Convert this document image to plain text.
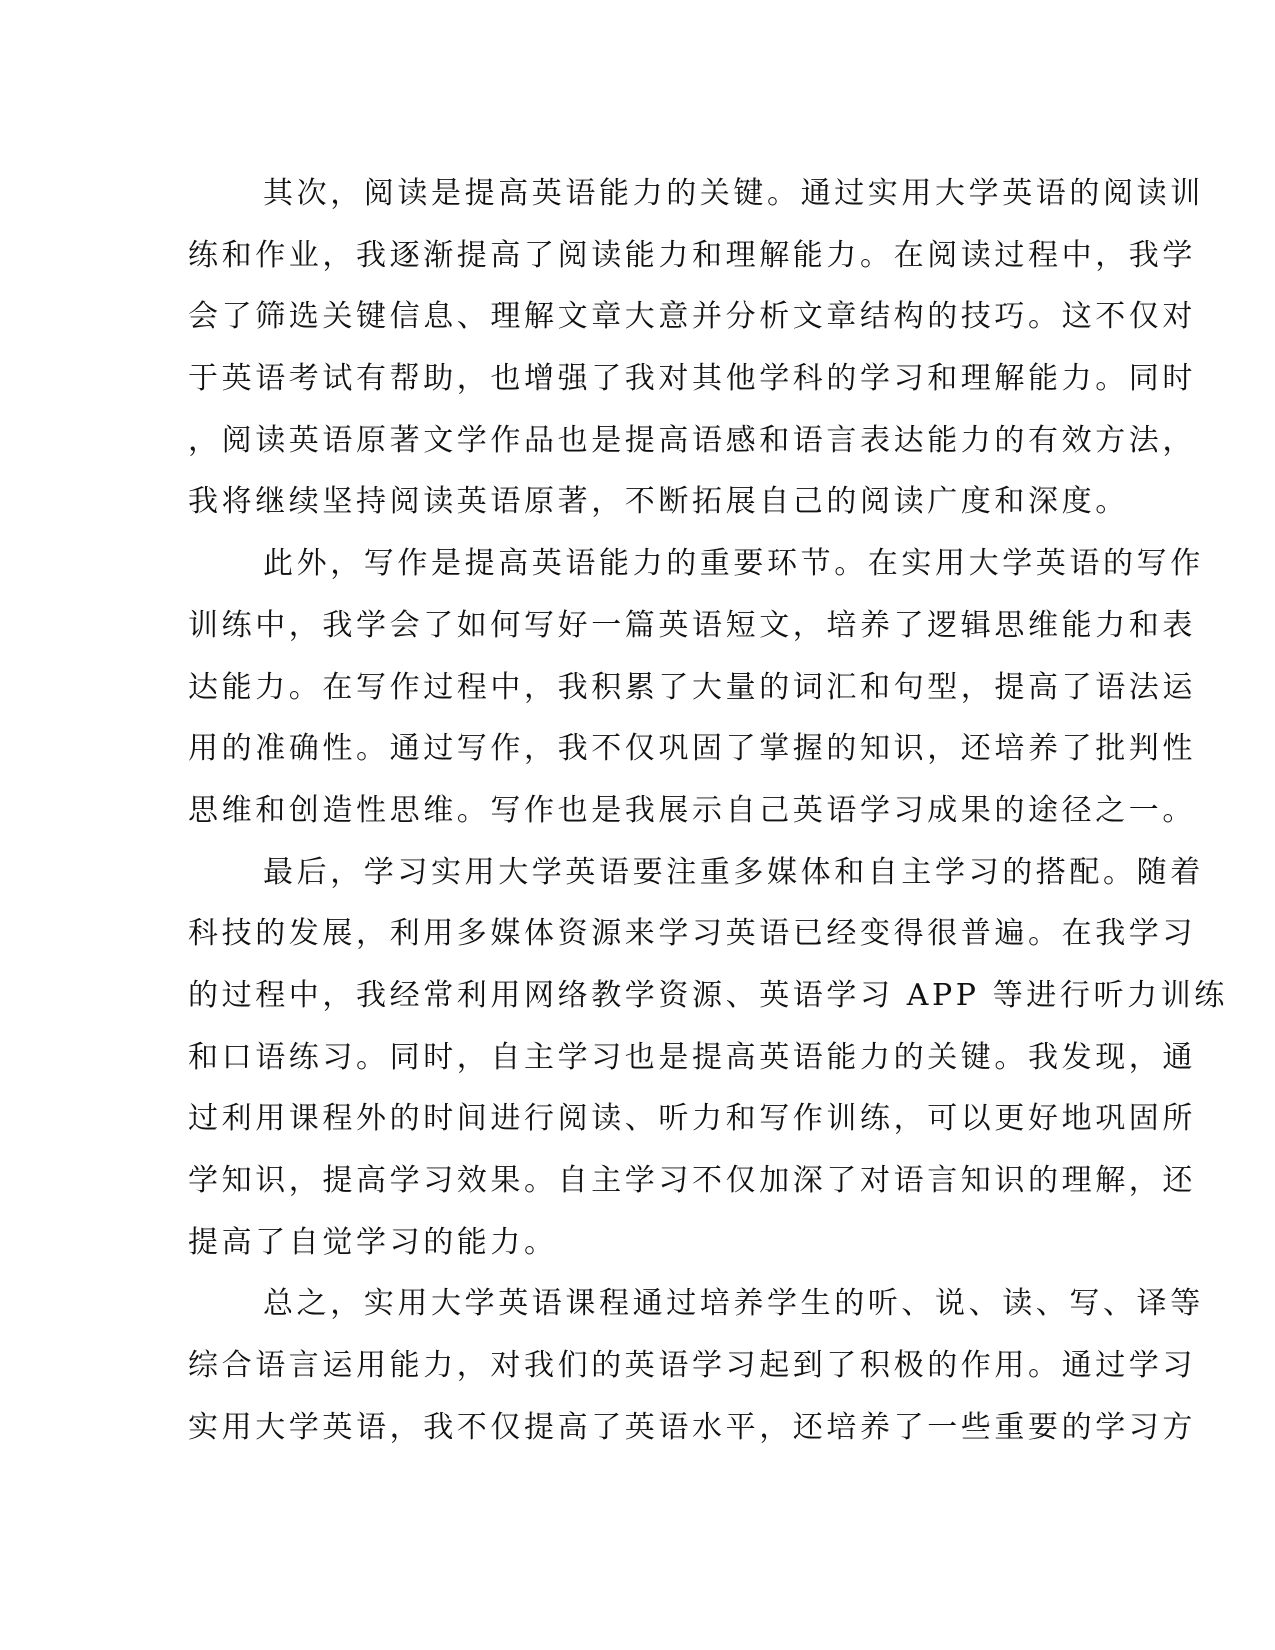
其次，阅读是提高英语能力的关键。通过实用大学英语的阅读训
练和作业，我逐渐提高了阅读能力和理解能力。在阅读过程中，我学
会了筛选关键信息、理解文章大意并分析文章结构的技巧。这不仅对
于英语考试有帮助，也增强了我对其他学科的学习和理解能力。同时
，阅读英语原著文学作品也是提高语感和语言表达能力的有效方法，
我将继续坚持阅读英语原著，不断拓展自己的阅读广度和深度。
此外，写作是提高英语能力的重要环节。在实用大学英语的写作
训练中，我学会了如何写好一篇英语短文，培养了逻辑思维能力和表
达能力。在写作过程中，我积累了大量的词汇和句型，提高了语法运
用的准确性。通过写作，我不仅巩固了掌握的知识，还培养了批判性
思维和创造性思维。写作也是我展示自己英语学习成果的途径之一。
最后，学习实用大学英语要注重多媒体和自主学习的搭配。随着
科技的发展，利用多媒体资源来学习英语已经变得很普遍。在我学习
的过程中，我经常利用网络教学资源、英语学习 APP 等进行听力训练
和口语练习。同时，自主学习也是提高英语能力的关键。我发现，通
过利用课程外的时间进行阅读、听力和写作训练，可以更好地巩固所
学知识，提高学习效果。自主学习不仅加深了对语言知识的理解，还
提高了自觉学习的能力。
总之，实用大学英语课程通过培养学生的听、说、读、写、译等
综合语言运用能力，对我们的英语学习起到了积极的作用。通过学习
实用大学英语，我不仅提高了英语水平，还培养了一些重要的学习方
